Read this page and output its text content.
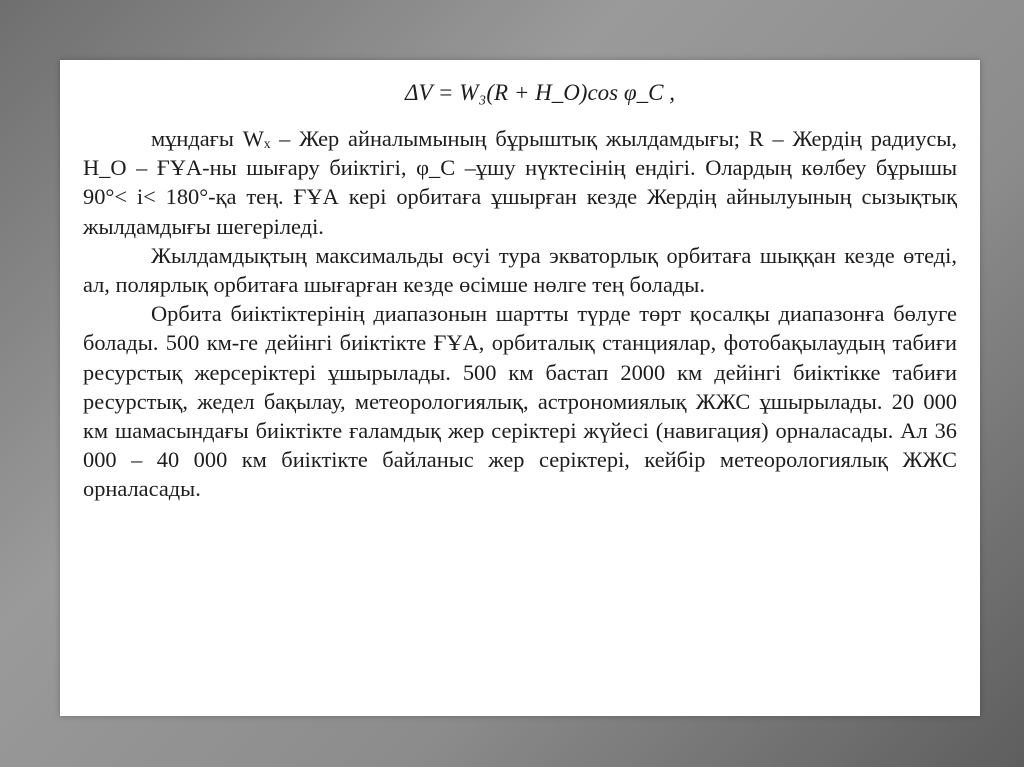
ΔV = W₃(R + H_O)cos φ_C ,

мұндағы Wₓ – Жер айналымының бұрыштық жылдамдығы; R – Жердің радиусы, H_O – ҒҰА-ны шығару биіктігі, φ_C –ұшу нүктесінің ендігі. Олардың көлбеу бұрышы 90°< i< 180°-қа тең. ҒҰА кері орбитаға ұшырған кезде Жердің айнылуының сызықтық жылдамдығы шегеріледі.

Жылдамдықтың максимальды өсуі тура экваторлық орбитаға шыққан кезде өтеді, ал, полярлық орбитаға шығарған кезде өсімше нөлге тең болады.

Орбита биіктіктерінің диапазонын шартты түрде төрт қосалқы диапазонға бөлуге болады. 500 км-ге дейінгі биіктікте ҒҰА, орбиталық станциялар, фотобақылаудың табиғи ресурстық жерсеріктері ұшырылады. 500 км бастап 2000 км дейінгі биіктікке табиғи ресурстық, жедел бақылау, метеорологиялық, астрономиялық ЖЖС ұшырылады. 20 000 км шамасындағы биіктікте ғаламдық жер серіктері жүйесі (навигация) орналасады. Ал 36 000 – 40 000 км биіктікте байланыс жер серіктері, кейбір метеорологиялық ЖЖС орналасады.
